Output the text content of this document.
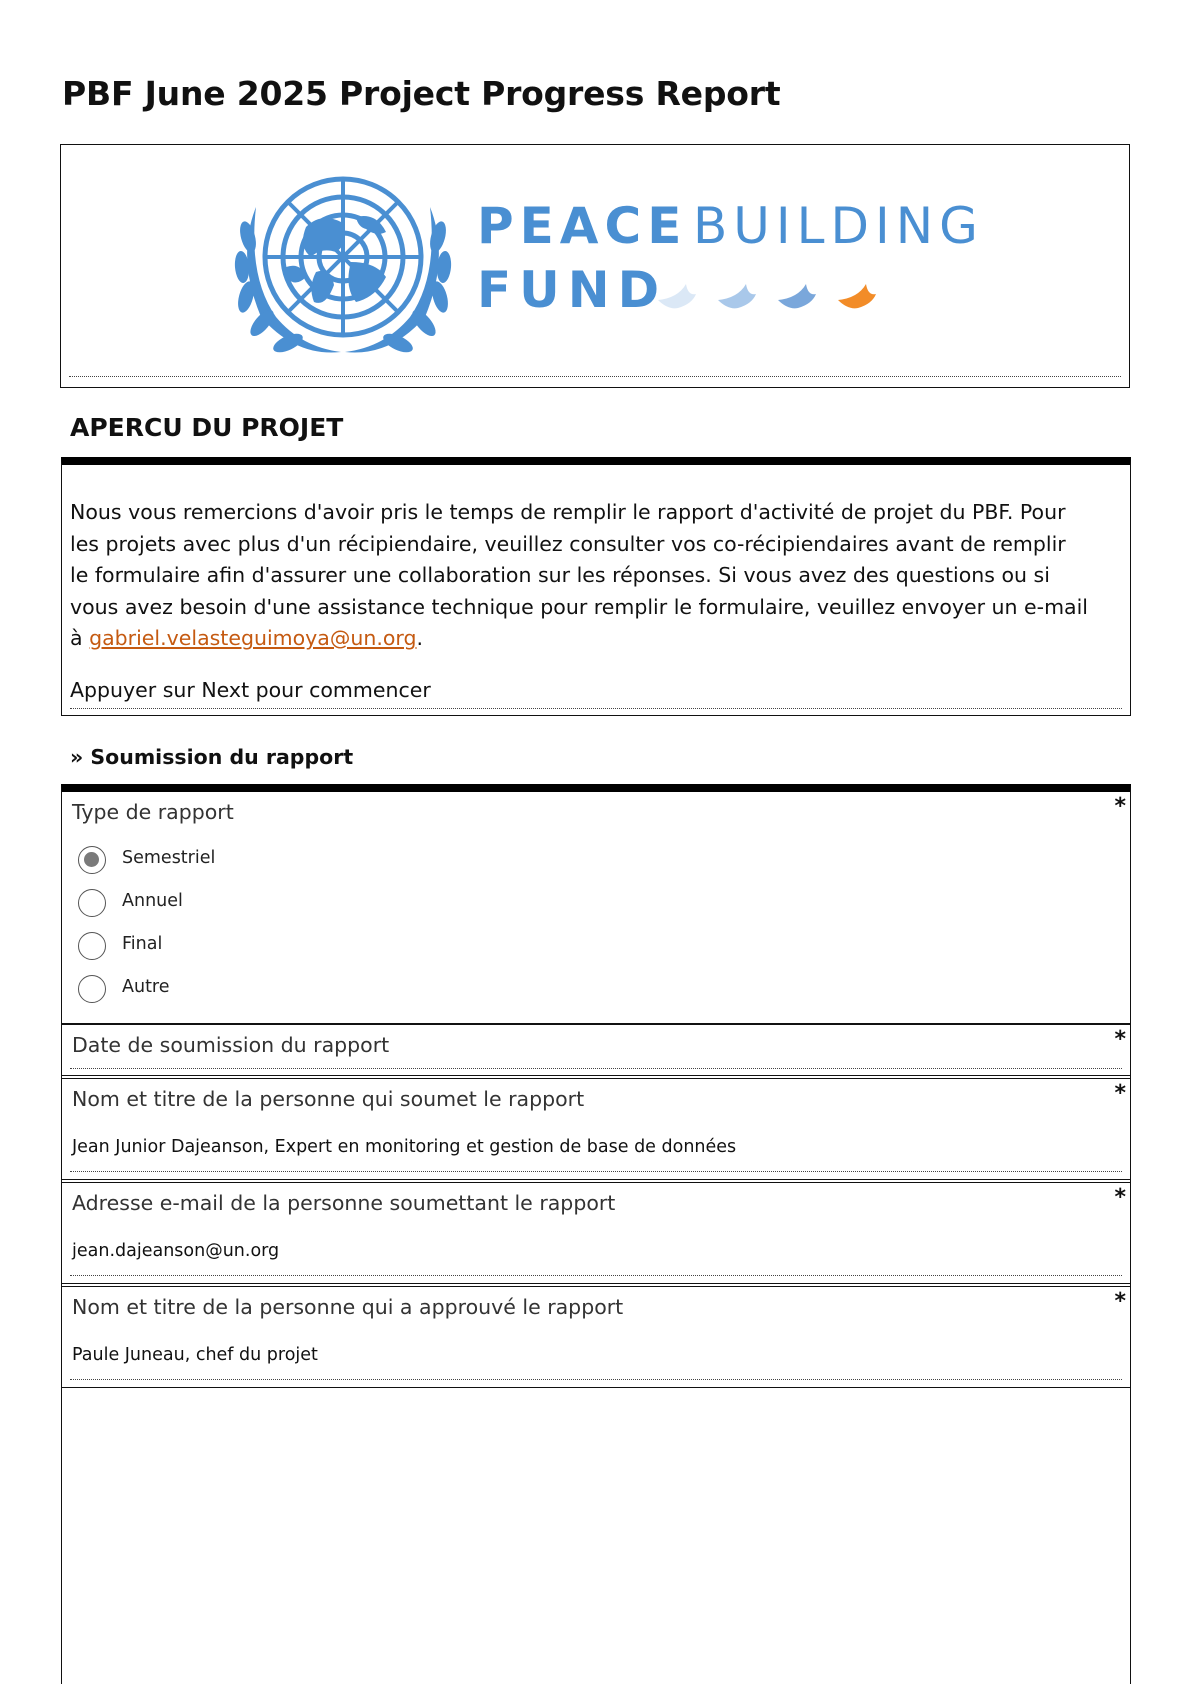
PBF June 2025 Project Progress Report
PEACE BUILDING
FUND
APERCU DU PROJET

Nous vous remercions d'avoir pris le temps de remplir le rapport d'activité de projet du PBF. Pour les projets avec plus d'un récipiendaire, veuillez consulter vos co-récipiendaires avant de remplir le formulaire afin d'assurer une collaboration sur les réponses. Si vous avez des questions ou si vous avez besoin d'une assistance technique pour remplir le formulaire, veuillez envoyer un e-mail à gabriel.velasteguimoya@un.org.

Appuyer sur Next pour commencer

» Soumission du rapport

Type de rapport	*
Semestriel
Annuel
Final
Autre

Date de soumission du rapport	*

Nom et titre de la personne qui soumet le rapport	*

Jean Junior Dajeanson, Expert en monitoring et gestion de base de données

Adresse e-mail de la personne soumettant le rapport	*

jean.dajeanson@un.org

Nom et titre de la personne qui a approuvé le rapport	*

Paule Juneau, chef du projet
